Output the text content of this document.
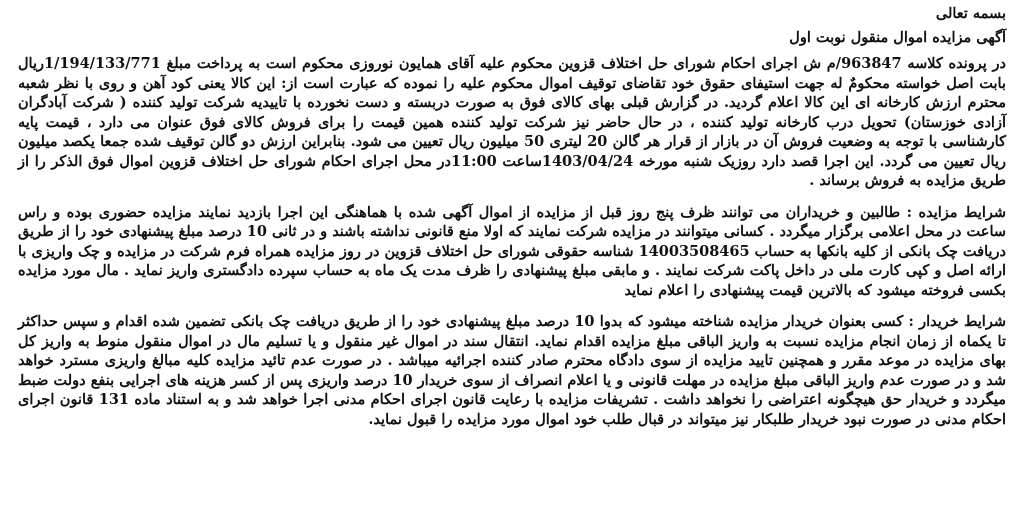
بسمه تعالی

آگهی مزایده اموال منقول نوبت اول

در پرونده کلاسه 963847/م ش اجرای احکام شورای حل اختلاف قزوین محکوم علیه آقای همایون نوروزی محکوم است به پرداخت مبلغ 1/194/133/771ریال بابت اصل خواسته محکومٌ له جهت استیفای حقوق خود تقاضای توقیف اموال محکوم علیه را نموده که عبارت است از: این کالا یعنی کود آهن و روی با نظر شعبه محترم ارزش کارخانه ای این کالا اعلام گردید. در گزارش قبلی بهای کالای فوق به صورت دربسته و دست نخورده با تاییدیه شرکت تولید کننده ( شرکت آبادگران آزادی خوزستان) تحویل درب کارخانه تولید کننده ، در حال حاضر نیز شرکت تولید کننده همین قیمت را برای فروش کالای فوق عنوان می دارد ، قیمت پایه کارشناسی با توجه به وضعیت فروش آن در بازار از قرار هر گالن 20 لیتری 50 میلیون ریال تعیین می شود. بنابراین ارزش دو گالن توقیف شده جمعا یکصد میلیون ریال تعیین می گردد. این اجرا قصد دارد روزیک شنبه مورخه 1403/04/24ساعت 11:00در محل اجرای احکام شورای حل اختلاف قزوین اموال فوق الذکر را از طریق مزایده به فروش برساند .

شرایط مزایده : طالبین و خریداران می توانند ظرف پنج روز قبل از مزایده از اموال آگهی شده با هماهنگی این اجرا بازدید نمایند مزایده حضوری بوده و راس ساعت در محل اعلامی برگزار میگردد . کسانی میتوانند در مزایده شرکت نمایند که اولا منع قانونی نداشته باشند و در ثانی 10 درصد مبلغ پیشنهادی خود را از طریق دریافت چک بانکی از کلیه بانکها به حساب 14003508465 شناسه حقوقی شورای حل اختلاف قزوین در روز مزایده همراه فرم شرکت در مزایده و چک واریزی با ارائه اصل و کپی کارت ملی در داخل پاکت شرکت نمایند . و مابقی مبلغ پیشنهادی را ظرف مدت یک ماه به حساب سپرده دادگستری واریز نماید . مال مورد مزایده بکسی فروخته میشود که بالاترین قیمت پیشنهادی را اعلام نماید

شرایط خریدار : کسی بعنوان خریدار مزایده شناخته میشود که بدوا 10 درصد مبلغ پیشنهادی خود را از طریق دریافت چک بانکی تضمین شده اقدام و سپس حداکثر تا یکماه از زمان انجام مزایده نسبت به واریز الباقی مبلغ مزایده اقدام نماید. انتقال سند در اموال غیر منقول و یا تسلیم مال در اموال منقول منوط به واریز کل بهای مزایده در موعد مقرر و همچنین تایید مزایده از سوی دادگاه محترم صادر کننده اجرائیه میباشد . در صورت عدم تائید مزایده کلیه مبالغ واریزی مسترد خواهد شد و در صورت عدم واریز الباقی مبلغ مزایده در مهلت قانونی و یا اعلام انصراف از سوی خریدار 10 درصد واریزی پس از کسر هزینه های اجرایی بنفع دولت ضبط میگردد و خریدار حق هیچگونه اعتراضی را نخواهد داشت . تشریفات مزایده با رعایت قانون اجرای احکام مدنی اجرا خواهد شد و به استناد ماده 131 قانون اجرای احکام مدنی در صورت نبود خریدار طلبکار نیز میتواند در قبال طلب خود اموال مورد مزایده را قبول نماید.
